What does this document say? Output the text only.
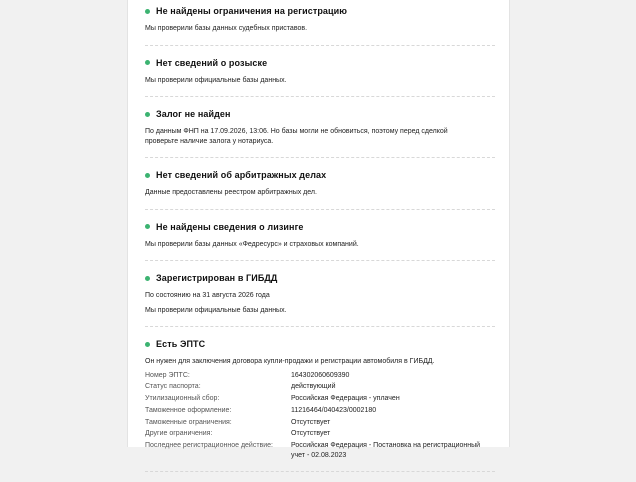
Не найдены ограничения на регистрацию
Мы проверили базы данных судебных приставов.
Нет сведений о розыске
Мы проверили официальные базы данных.
Залог не найден
По данным ФНП на 17.09.2026, 13:06. Но базы могли не обновиться, поэтому перед сделкой проверьте наличие залога у нотариуса.
Нет сведений об арбитражных делах
Данные предоставлены реестром арбитражных дел.
Не найдены сведения о лизинге
Мы проверили базы данных «Федресурс» и страховых компаний.
Зарегистрирован в ГИБДД
По состоянию на 31 августа 2026 года
Мы проверили официальные базы данных.
Есть ЭПТС
Он нужен для заключения договора купли-продажи и регистрации автомобиля в ГИБДД.
Номер ЭПТС:	164302060609390
Статус паспорта:	действующий
Утилизационный сбор:	Российская Федерация - уплачен
Таможенное оформление:	11216464/040423/0002180
Таможенные ограничения:	Отсутствует
Другие ограничения:	Отсутствует
Последнее регистрационное действие:	Российская Федерация - Постановка на регистрационный учет - 02.08.2023
